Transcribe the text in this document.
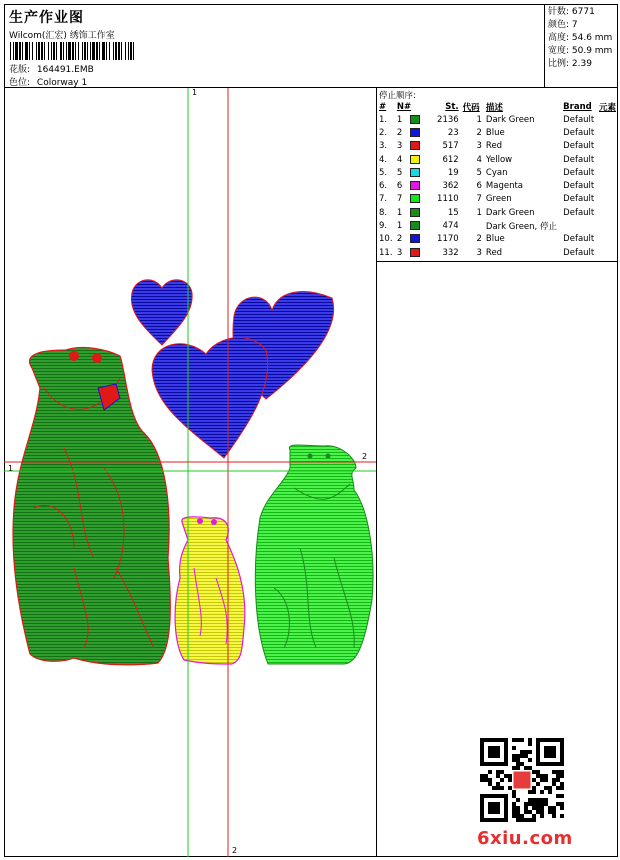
生产作业图
Wilcom(汇宏) 绣饰工作室
花版: 164491.EMB
色位: Colorway 1
针数: 6771
颜色: 7
高度: 54.6 mm
宽度: 50.9 mm
比例: 2.39
1
1
2
2
停止顺序:
#	N#	St.	代码	描述	Brand	元素
1.	1	2136	1	Dark Green	Default	
2.	2	23	2	Blue	Default	
3.	3	517	3	Red	Default	
4.	4	612	4	Yellow	Default	
5.	5	19	5	Cyan	Default	
6.	6	362	6	Magenta	Default	
7.	7	1110	7	Green	Default	
8.	1	15	1	Dark Green	Default	
9.	1	474		Dark Green, 停止		
10.	2	1170	2	Blue	Default	
11.	3	332	3	Red	Default	
6xiu.com
